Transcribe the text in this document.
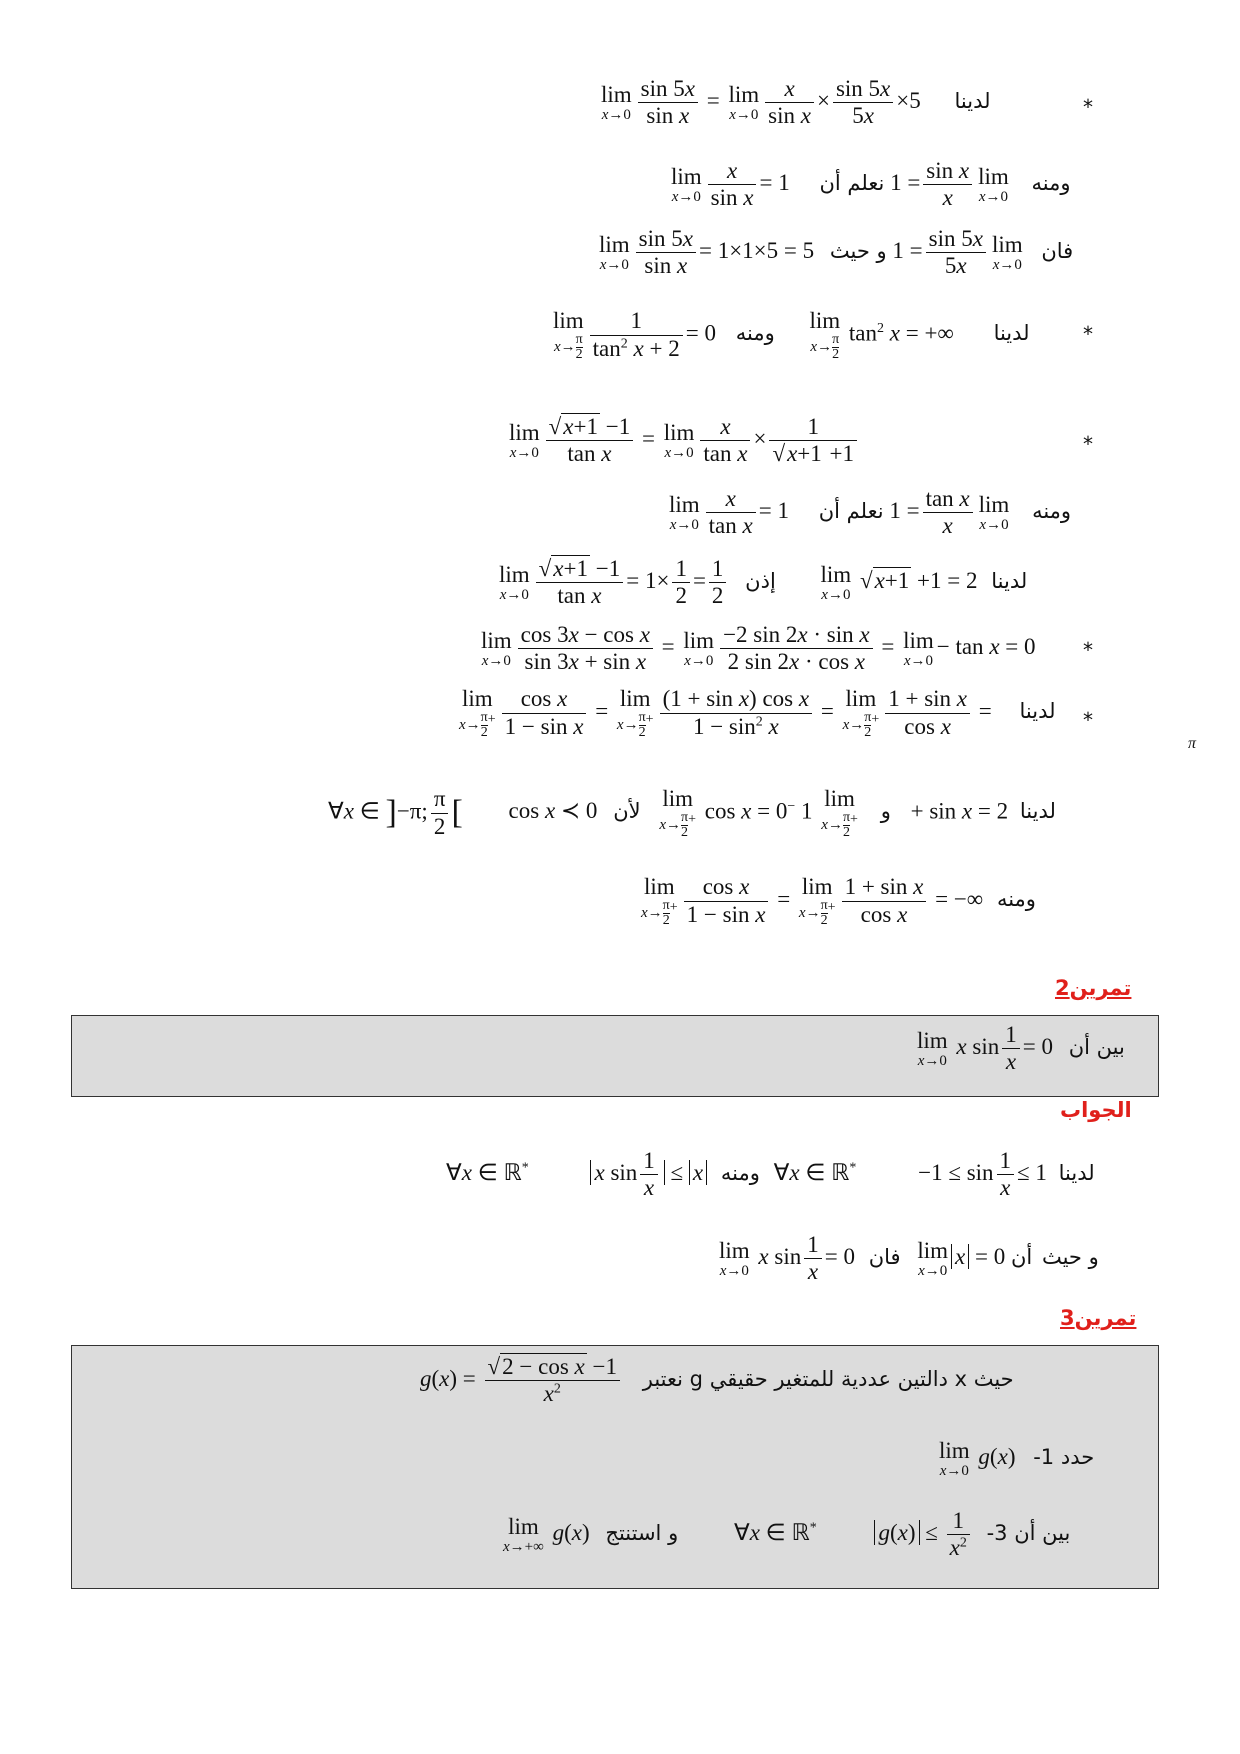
*
lim
$x\to 0 \frac{\sin 5x}{\text{sin x}} = \lim$
$x\to 0 \frac{x}{\text{sin x}} \times \frac{\sin 5x}{5x} \times 5$ لدينا
lim
$x\to 0 \frac{x}{\text{sin x}} = 1$	ومنه lim
x→0
$\frac{\text{sin x}}{x}$
= 1 نعلم أن
lim
$x\to 0 \frac{\sin 5x}{\text{sin x}} = 1\times 1\times 5 = 5$	فان lim
x→0
$\frac{\sin 5x}{5x}$
= 1 و حيث
*
lim
$x\to \frac{\pi}{2} \frac{1}{\tan^2 x + 2} = 0$ ومنه lim
$x\to \frac{\pi}{2}$
$\tan^2 x$ = +∞ لدينا
*
lim
$x\to 0 \frac{√x+1 -1}{\text{tan x}} = \lim$
$x\to 0 \frac{x}{\text{tan x}} \times \frac{1}{√x+1 +1}$
lim
$x\to 0 \frac{x}{\text{tan x}} = 1$	ومنه lim
x→0
$\frac{\text{tan x}}{x}$
= 1 نعلم أن
lim
$x\to 0 \frac{√x+1 -1}{\text{tan x}} = 1\times \frac{1}{2} = \frac{1}{2}$ إذن lim
x→0
√x+1 +1 = 2 لدينا
*
lim
$x\to 0 \frac{\text{cos 3x − cos x}}{\text{sin 3x + sin x}} = \lim$
$x\to 0 \frac{\text{−2 sin 2x · sin x}}{\text{2 sin 2x · cos x}} = \lim$
x→0
− tan x = 0
*
π
lim
$x\to \frac{\pi}{2} ^+ \frac{\text{cos x}}{\text{1 − sin x}} = \lim$
$x\to \frac{\pi}{2} ^+ \frac{\text{(1 + sin x) cos x}}{1 - \sin^2 x} = \lim$
$x\to \frac{\pi}{2} ^+ \frac{\text{1 + sin x}}{\text{cos x}}$ = لدينا
∀x ∈ ]−π; $\frac{\pi}{2}$ [ cos x ≺ 0 لأن lim
$x\to \frac{\pi}{2} ^+$ cos x = 0−	و lim
$x\to \frac{\pi}{2} ^+$
1 + sin x = 2 لدينا
lim
$x\to \frac{\pi}{2} ^+ \frac{\text{cos x}}{\text{1 − sin x}} = \lim$
$x\to \frac{\pi}{2} ^+ \frac{\text{1 + sin x}}{\text{cos x}}$ = −∞ ومنه
تمرين2
lim
x→0
x $\sin \frac{1}{x} = 0$ بين أن
الجواب
∀x ∈ ℝ*	x $\sin \frac{1}{x} \le x$ ومنه ∀x ∈ ℝ*	$-1 \le \sin \frac{1}{x} \le 1$ لدينا
lim
x→0
x $\sin \frac{1}{x} = 0$ فان lim
x→0
x = 0 و حيث أن
تمرين3
$g(x) = \frac{\text{√2 − cos x −1}}{x^2}$ نعتبر g دالتين عددية للمتغير حقيقي x حيث
lim
x→0
g(x) -1 حدد
lim
x→+∞
g(x) و استنتج ∀x ∈ ℝ*	$g(x) \le \frac{1}{x^2} -3$ بين أن
